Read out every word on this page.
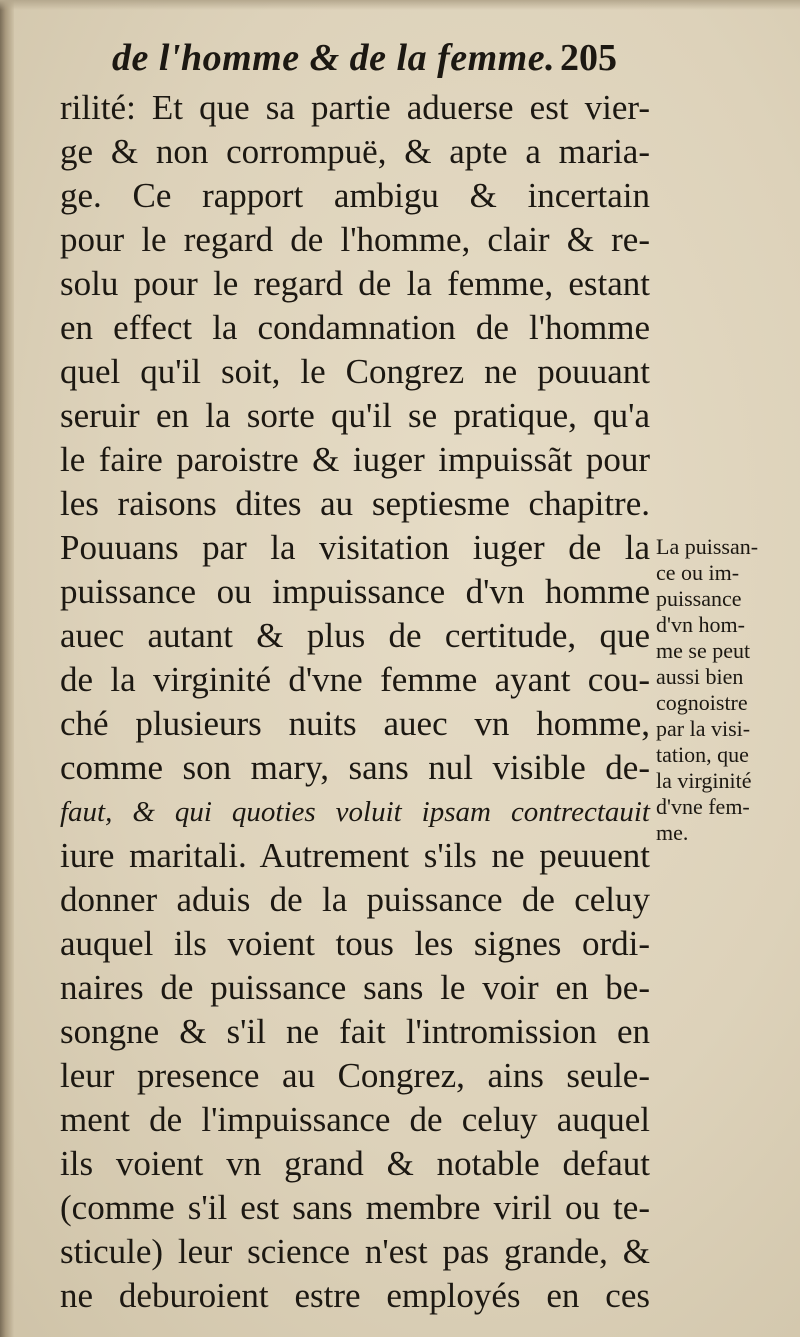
de l'homme & de la femme. 205
rilité: Et que sa partie aduerse est vier-
ge & non corrompuë, & apte a maria-
ge. Ce rapport ambigu & incertain
pour le regard de l'homme, clair & re-
solu pour le regard de la femme, estant
en effect la condamnation de l'homme
quel qu'il soit, le Congrez ne pouuant
seruir en la sorte qu'il se pratique, qu'a
le faire paroistre & iuger impuissãt pour
les raisons dites au septiesme chapitre.
Pouuans par la visitation iuger de la
puissance ou impuissance d'vn homme
auec autant & plus de certitude, que
de la virginité d'vne femme ayant cou-
ché plusieurs nuits auec vn homme,
comme son mary, sans nul visible de-
faut, & qui quoties voluit ipsam contrectauit
iure maritali. Autrement s'ils ne peuuent
donner aduis de la puissance de celuy
auquel ils voient tous les signes ordi-
naires de puissance sans le voir en be-
songne & s'il ne fait l'intromission en
leur presence au Congrez, ains seule-
ment de l'impuissance de celuy auquel
ils voient vn grand & notable defaut
(comme s'il est sans membre viril ou te-
sticule) leur science n'est pas grande, &
ne deburoient estre employés en ces
La puissan-
ce ou im-
puissance
d'vn hom-
me se peut
aussi bien
cognoistre
par la visi-
tation, que
la virginité
d'vne fem-
me.
